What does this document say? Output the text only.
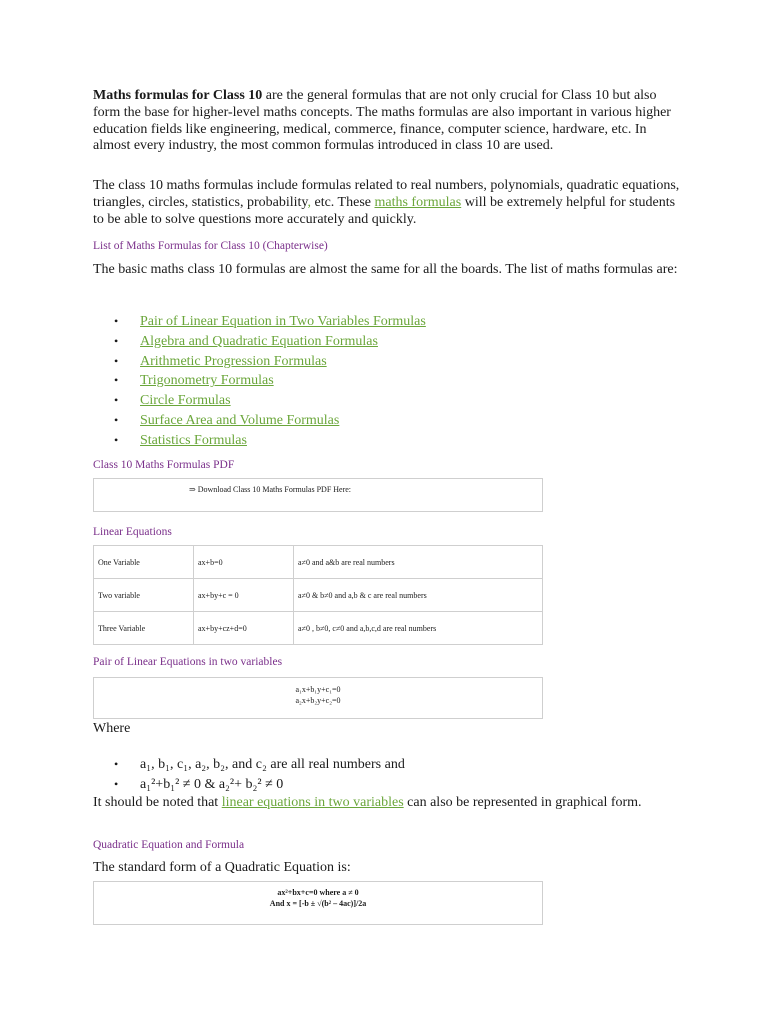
Maths formulas for Class 10 are the general formulas that are not only crucial for Class 10 but also form the base for higher-level maths concepts. The maths formulas are also important in various higher education fields like engineering, medical, commerce, finance, computer science, hardware, etc. In almost every industry, the most common formulas introduced in class 10 are used.

The class 10 maths formulas include formulas related to real numbers, polynomials, quadratic equations, triangles, circles, statistics, probability, etc. These maths formulas will be extremely helpful for students to be able to solve questions more accurately and quickly.

List of Maths Formulas for Class 10 (Chapterwise)

The basic maths class 10 formulas are almost the same for all the boards. The list of maths formulas are:

• Pair of Linear Equation in Two Variables Formulas
• Algebra and Quadratic Equation Formulas
• Arithmetic Progression Formulas
• Trigonometry Formulas
• Circle Formulas
• Surface Area and Volume Formulas
• Statistics Formulas
Class 10 Maths Formulas PDF
⇒ Download Class 10 Maths Formulas PDF Here:
Linear Equations
One Variable	ax+b=0	a≠0 and a&b are real numbers
Two variable	ax+by+c = 0	a≠0 & b≠0 and a,b & c are real numbers
Three Variable	ax+by+cz+d=0	a≠0 , b≠0, c≠0 and a,b,c,d are real numbers
Pair of Linear Equations in two variables
a₁x+b₁y+c₁=0
a₂x+b₂y+c₂=0

Where

• a₁, b₁, c₁, a₂, b₂, and c₂ are all real numbers and
• a₁²+b₁² ≠ 0 & a₂²+ b₂² ≠ 0

It should be noted that linear equations in two variables can also be represented in graphical form.

Quadratic Equation and Formula

The standard form of a Quadratic Equation is:

ax²+bx+c=0 where a ≠ 0
And x = [-b ± √(b² – 4ac)]/2a
